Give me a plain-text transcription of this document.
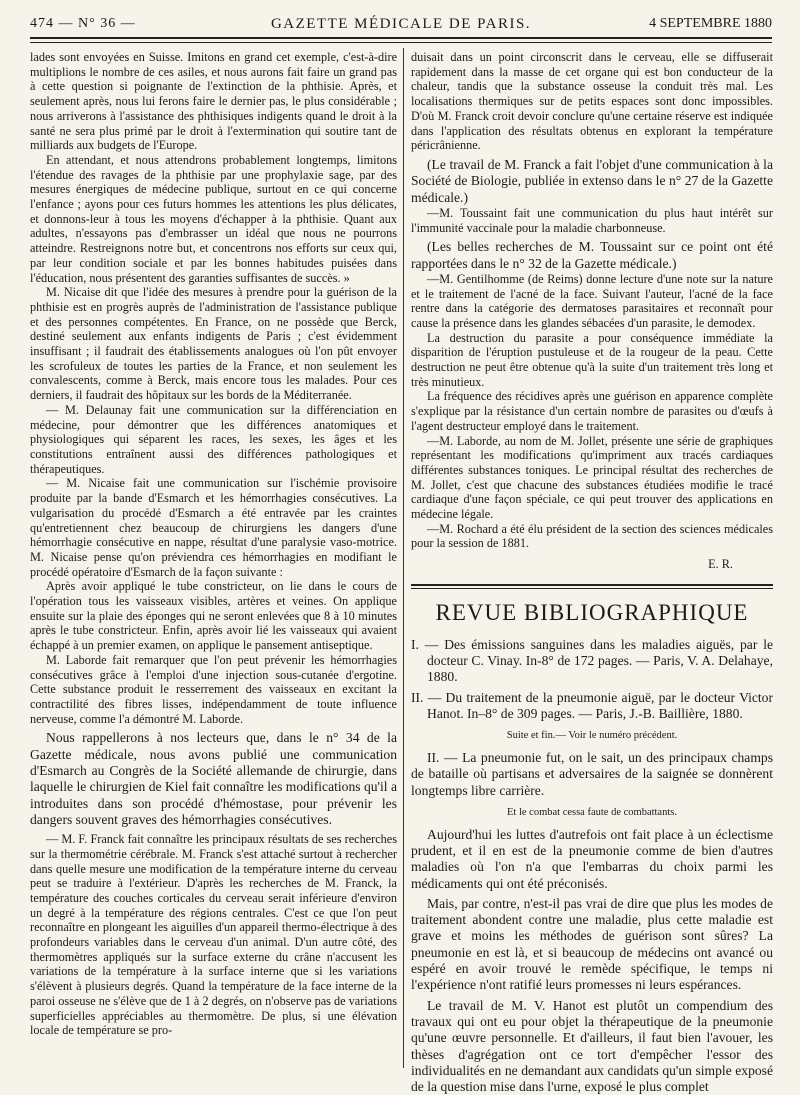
474 — N° 36 —	GAZETTE MÉDICALE DE PARIS.	4 SEPTEMBRE 1880

lades sont envoyées en Suisse. Imitons en grand cet exemple, c'est-à-dire multiplions le nombre de ces asiles, et nous aurons fait faire un grand pas à cette question si poignante de l'extinction de la phthisie. Après, et seulement après, nous lui ferons faire le dernier pas, le plus considérable ; nous arriverons à l'assistance des phthisiques indigents quand le droit à la santé ne sera plus primé par le droit à l'extermination qui soutire tant de milliards aux budgets de l'Europe.

En attendant, et nous attendrons probablement longtemps, limitons l'étendue des ravages de la phthisie par une prophylaxie sage, par des mesures énergiques de médecine publique, surtout en ce qui concerne l'enfance ; ayons pour ces futurs hommes les attentions les plus délicates, et donnons-leur à tous les moyens d'échapper à la phthisie. Quant aux adultes, n'essayons pas d'embrasser un idéal que nous ne pourrons atteindre. Restreignons notre but, et concentrons nos efforts sur ceux qui, par leur condition sociale et par les bonnes habitudes puisées dans l'éducation, nous présentent des garanties suffisantes de succès. »

M. Nicaise dit que l'idée des mesures à prendre pour la guérison de la phthisie est en progrès auprès de l'administration de l'assistance publique et des personnes compétentes. En France, on ne possède que Berck, destiné seulement aux enfants indigents de Paris ; c'est évidemment insuffisant ; il faudrait des établissements analogues où l'on pût envoyer les scrofuleux de toutes les parties de la France, et non seulement les convalescents, comme à Berck, mais encore tous les malades. Pour ces derniers, il faudrait des hôpitaux sur les bords de la Méditerranée.

— M. Delaunay fait une communication sur la différenciation en médecine, pour démontrer que les différences anatomiques et physiologiques qui séparent les races, les sexes, les âges et les constitutions entraînent aussi des différences pathologiques et thérapeutiques.

— M. Nicaise fait une communication sur l'ischémie provisoire produite par la bande d'Esmarch et les hémorrhagies consécutives. La vulgarisation du procédé d'Esmarch a été entravée par les craintes qu'entretiennent chez beaucoup de chirurgiens les dangers d'une hémorrhagie consécutive en nappe, résultat d'une paralysie vaso-motrice. M. Nicaise pense qu'on préviendra ces hémorrhagies en modifiant le procédé opératoire d'Esmarch de la façon suivante :

Après avoir appliqué le tube constricteur, on lie dans le cours de l'opération tous les vaisseaux visibles, artères et veines. On applique ensuite sur la plaie des éponges qui ne seront enlevées que 8 à 10 minutes après le tube constricteur. Enfin, après avoir lié les vaisseaux qui avaient échappé à un premier examen, on applique le pansement antiseptique.

M. Laborde fait remarquer que l'on peut prévenir les hémorrhagies consécutives grâce à l'emploi d'une injection sous-cutanée d'ergotine. Cette substance produit le resserrement des vaisseaux en excitant la contractilité des fibres lisses, indépendamment de toute influence nerveuse, comme l'a démontré M. Laborde.

Nous rappellerons à nos lecteurs que, dans le n° 34 de la Gazette médicale, nous avons publié une communication d'Esmarch au Congrès de la Société allemande de chirurgie, dans laquelle le chirurgien de Kiel fait connaître les modifications qu'il a introduites dans son procédé d'hémostase, pour prévenir les dangers souvent graves des hémorrhagies consécutives.

— M. F. Franck fait connaître les principaux résultats de ses recherches sur la thermométrie cérébrale. M. Franck s'est attaché surtout à rechercher dans quelle mesure une modification de la température interne du cerveau peut se traduire à l'extérieur. D'après les recherches de M. Franck, la température des couches corticales du cerveau serait inférieure d'environ un degré à la température des régions centrales. C'est ce que l'on peut reconnaître en plongeant les aiguilles d'un appareil thermo-électrique à des profondeurs variables dans le cerveau d'un animal. D'un autre côté, des thermomètres appliqués sur la surface externe du crâne n'accusent les variations de la température à la surface interne que si les variations s'élèvent à plusieurs degrés. Quand la température de la face interne de la paroi osseuse ne s'élève que de 1 à 2 degrés, on n'observe pas de variations superficielles appréciables au thermomètre. De plus, si une élévation locale de température se pro-

duisait dans un point circonscrit dans le cerveau, elle se diffuserait rapidement dans la masse de cet organe qui est bon conducteur de la chaleur, tandis que la substance osseuse la conduit très mal. Les localisations thermiques sur de petits espaces sont donc impossibles. D'où M. Franck croit devoir conclure qu'une certaine réserve est indiquée dans l'application des résultats obtenus en explorant la température péricrânienne.

(Le travail de M. Franck a fait l'objet d'une communication à la Société de Biologie, publiée in extenso dans le n° 27 de la Gazette médicale.)

—M. Toussaint fait une communication du plus haut intérêt sur l'immunité vaccinale pour la maladie charbonneuse.

(Les belles recherches de M. Toussaint sur ce point ont été rapportées dans le n° 32 de la Gazette médicale.)

—M. Gentilhomme (de Reims) donne lecture d'une note sur la nature et le traitement de l'acné de la face. Suivant l'auteur, l'acné de la face rentre dans la catégorie des dermatoses parasitaires et reconnaît pour cause la présence dans les glandes sébacées d'un parasite, le demodex.

La destruction du parasite a pour conséquence immédiate la disparition de l'éruption pustuleuse et de la rougeur de la peau. Cette destruction ne peut être obtenue qu'à la suite d'un traitement très long et très minutieux.

La fréquence des récidives après une guérison en apparence complète s'explique par la résistance d'un certain nombre de parasites ou d'œufs à l'agent destructeur employé dans le traitement.

—M. Laborde, au nom de M. Jollet, présente une série de graphiques représentant les modifications qu'impriment aux tracés cardiaques différentes substances toniques. Le principal résultat des recherches de M. Jollet, c'est que chacune des substances étudiées modifie le tracé cardiaque d'une façon spéciale, ce qui peut trouver des applications en médecine légale.

—M. Rochard a été élu président de la section des sciences médicales pour la session de 1881.

E. R.

REVUE BIBLIOGRAPHIQUE

I. — Des émissions sanguines dans les maladies aiguës, par le docteur C. Vinay. In-8° de 172 pages. — Paris, V. A. Delahaye, 1880.

II. — Du traitement de la pneumonie aiguë, par le docteur Victor Hanot. In–8° de 309 pages. — Paris, J.-B. Baillière, 1880.

Suite et fin.— Voir le numéro précédent.

II. — La pneumonie fut, on le sait, un des principaux champs de bataille où partisans et adversaires de la saignée se donnèrent longtemps libre carrière.

Et le combat cessa faute de combattants.

Aujourd'hui les luttes d'autrefois ont fait place à un éclectisme prudent, et il en est de la pneumonie comme de bien d'autres maladies où l'on n'a que l'embarras du choix parmi les médicaments qui ont été préconisés.

Mais, par contre, n'est-il pas vrai de dire que plus les modes de traitement abondent contre une maladie, plus cette maladie est grave et moins les méthodes de guérison sont sûres? La pneumonie en est là, et si beaucoup de médecins ont avancé ou espéré en avoir trouvé le remède spécifique, le temps ni l'expérience n'ont ratifié leurs promesses ni leurs espérances.

Le travail de M. V. Hanot est plutôt un compendium des travaux qui ont eu pour objet la thérapeutique de la pneumonie qu'une œuvre personnelle. Et d'ailleurs, il faut bien l'avouer, les thèses d'agrégation ont ce tort d'empêcher l'essor des individualités en ne demandant aux candidats qu'un simple exposé de la question mise dans l'urne, exposé le plus complet
